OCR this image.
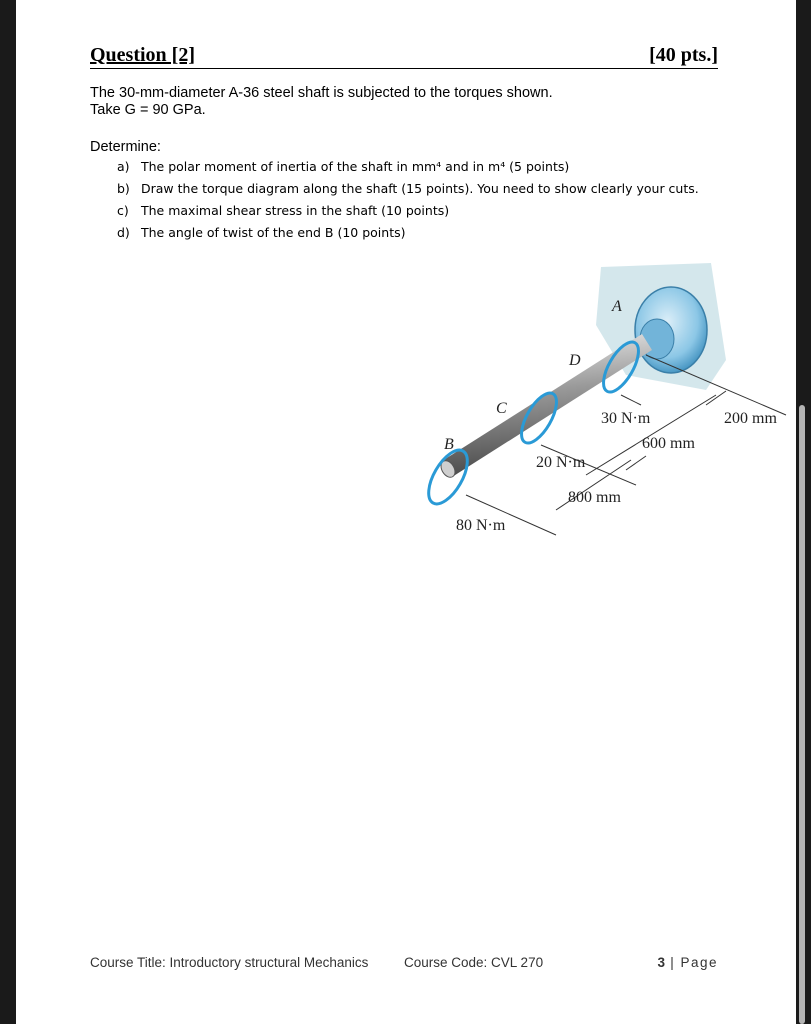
Question [2]	[40 pts.]
The 30-mm-diameter A-36 steel shaft is subjected to the torques shown.
Take G = 90 GPa.
Determine:
a) The polar moment of inertia of the shaft in mm⁴ and in m⁴ (5 points)
b) Draw the torque diagram along the shaft (15 points). You need to show clearly your cuts.
c) The maximal shear stress in the shaft (10 points)
d) The angle of twist of the end B (10 points)
A
D
C
B
30 N·m
20 N·m
80 N·m
200 mm
600 mm
800 mm
Course Title: Introductory structural Mechanics	Course Code: CVL 270	3 | Page
